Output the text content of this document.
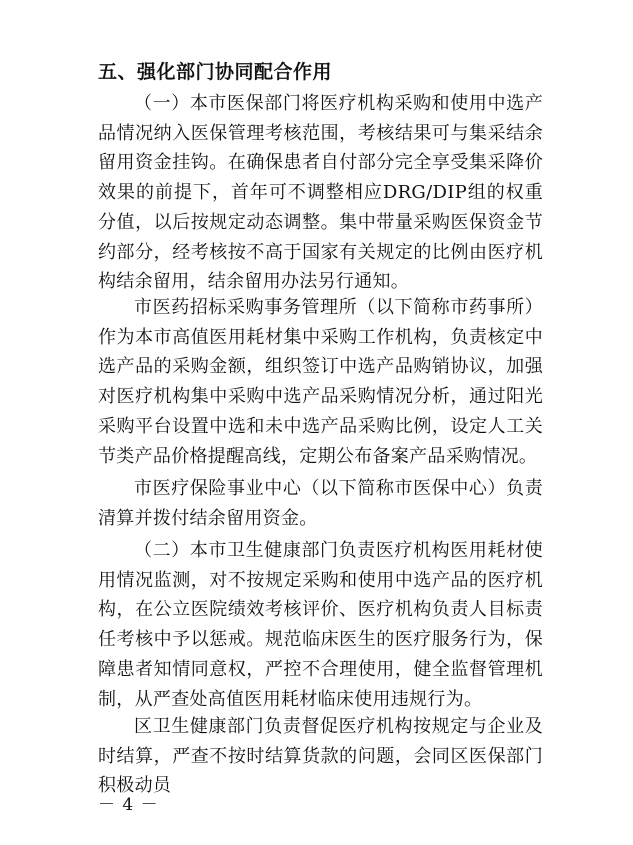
五、强化部门协同配合作用

（一）本市医保部门将医疗机构采购和使用中选产品情况纳入医保管理考核范围，考核结果可与集采结余留用资金挂钩。在确保患者自付部分完全享受集采降价效果的前提下，首年可不调整相应DRG/DIP组的权重分值，以后按规定动态调整。集中带量采购医保资金节约部分，经考核按不高于国家有关规定的比例由医疗机构结余留用，结余留用办法另行通知。

市医药招标采购事务管理所（以下简称市药事所）作为本市高值医用耗材集中采购工作机构，负责核定中选产品的采购金额，组织签订中选产品购销协议，加强对医疗机构集中采购中选产品采购情况分析，通过阳光采购平台设置中选和未中选产品采购比例，设定人工关节类产品价格提醒高线，定期公布备案产品采购情况。

市医疗保险事业中心（以下简称市医保中心）负责清算并拨付结余留用资金。

（二）本市卫生健康部门负责医疗机构医用耗材使用情况监测，对不按规定采购和使用中选产品的医疗机构，在公立医院绩效考核评价、医疗机构负责人目标责任考核中予以惩戒。规范临床医生的医疗服务行为，保障患者知情同意权，严控不合理使用，健全监督管理机制，从严查处高值医用耗材临床使用违规行为。

区卫生健康部门负责督促医疗机构按规定与企业及时结算，严查不按时结算货款的问题，会同区医保部门积极动员

－ 4 －
